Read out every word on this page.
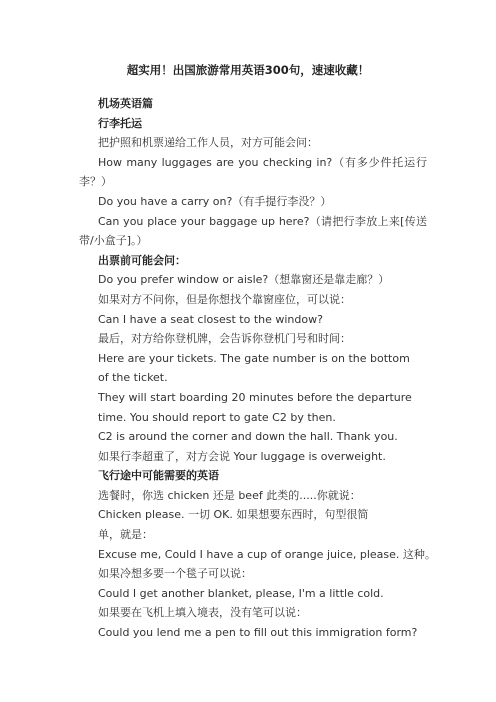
超实用！出国旅游常用英语300句，速速收藏！
机场英语篇
行李托运
把护照和机票递给工作人员，对方可能会问：
How many luggages are you checking in?（有多少件托运行李？）
Do you have a carry on?（有手提行李没？）
Can you place your baggage up here?（请把行李放上来[传送带/小盒子]。）
出票前可能会问：
Do you prefer window or aisle?（想靠窗还是靠走廊？）
如果对方不问你，但是你想找个靠窗座位，可以说：
Can I have a seat closest to the window?
最后，对方给你登机牌，会告诉你登机门号和时间：
Here are your tickets. The gate number is on the bottom
of the ticket.
They will start boarding 20 minutes before the departure
time. You should report to gate C2 by then.
C2 is around the corner and down the hall. Thank you.
如果行李超重了，对方会说 Your luggage is overweight.
飞行途中可能需要的英语
选餐时，你选 chicken 还是 beef 此类的.....你就说：
Chicken please. 一切 OK. 如果想要东西时，句型很简
单，就是：
Excuse me, Could I have a cup of orange juice, please. 这种。
如果冷想多要一个毯子可以说：
Could I get another blanket, please, I'm a little cold.
如果要在飞机上填入境表，没有笔可以说：
Could you lend me a pen to fill out this immigration form?
